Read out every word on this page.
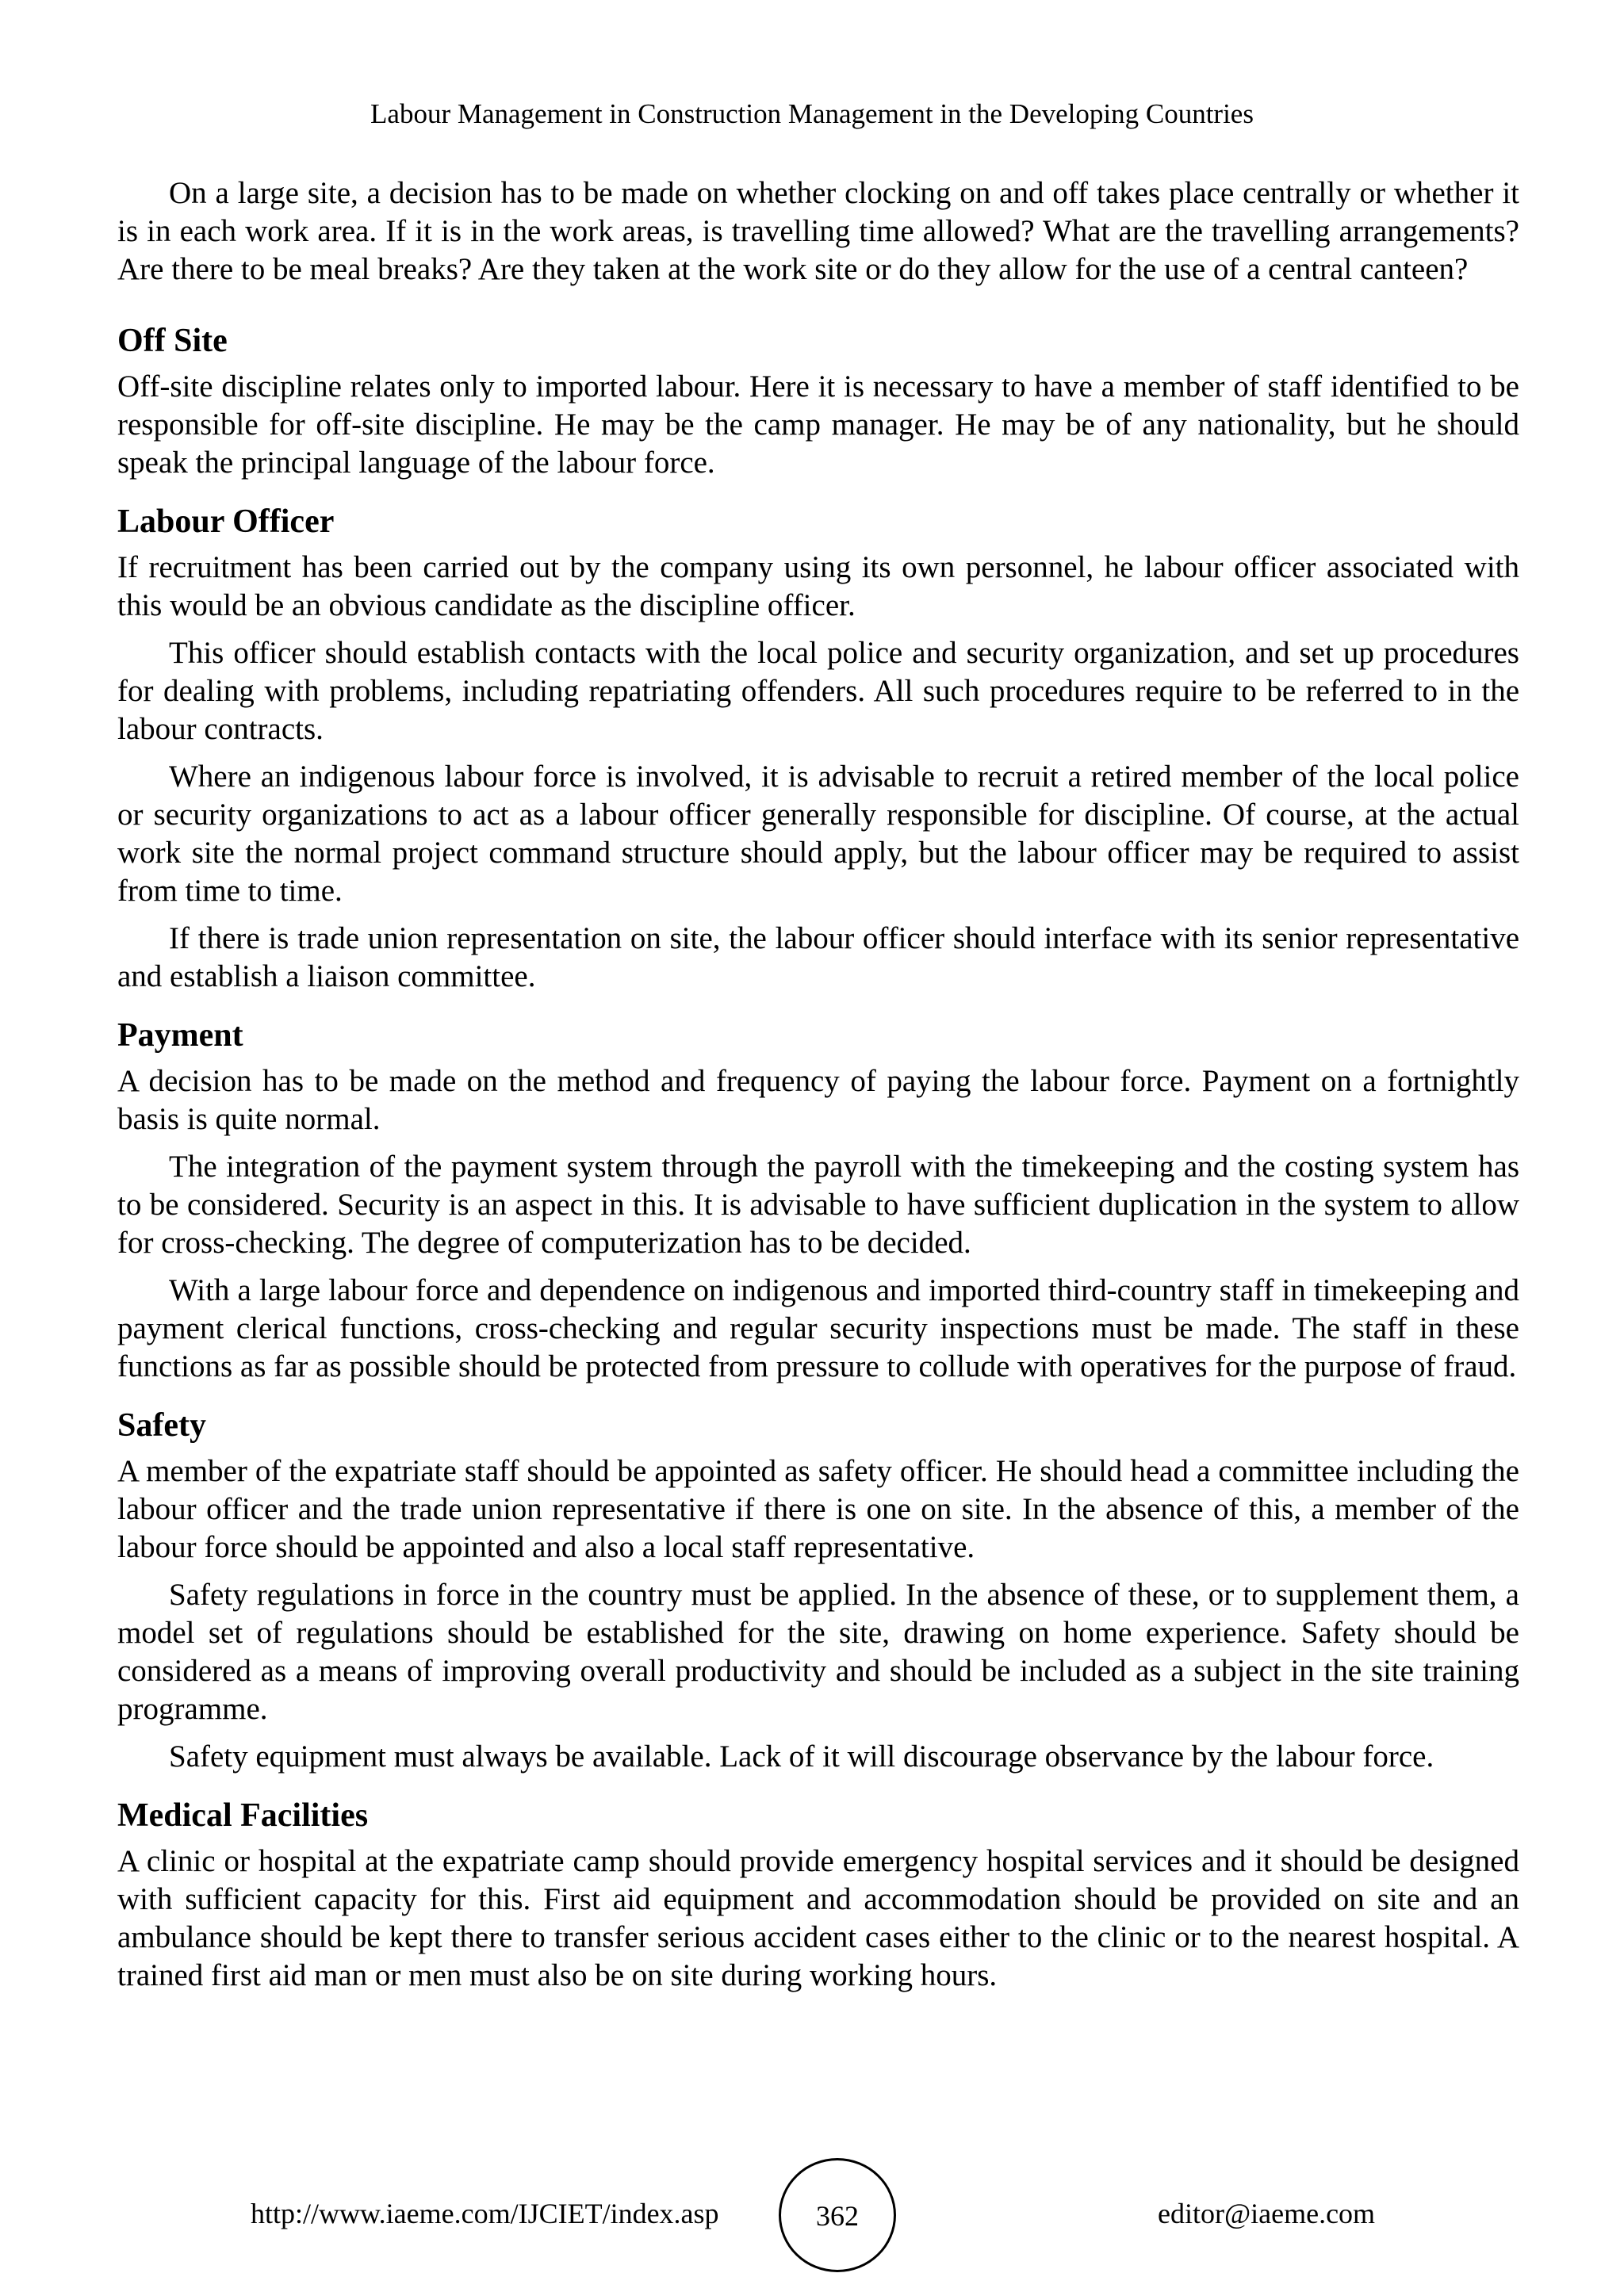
Labour Management in Construction Management in the Developing Countries

On a large site, a decision has to be made on whether clocking on and off takes place centrally or whether it is in each work area. If it is in the work areas, is travelling time allowed? What are the travelling arrangements? Are there to be meal breaks? Are they taken at the work site or do they allow for the use of a central canteen?

Off Site

Off-site discipline relates only to imported labour. Here it is necessary to have a member of staff identified to be responsible for off-site discipline. He may be the camp manager. He may be of any nationality, but he should speak the principal language of the labour force.

Labour Officer

If recruitment has been carried out by the company using its own personnel, he labour officer associated with this would be an obvious candidate as the discipline officer.

This officer should establish contacts with the local police and security organization, and set up procedures for dealing with problems, including repatriating offenders. All such procedures require to be referred to in the labour contracts.

Where an indigenous labour force is involved, it is advisable to recruit a retired member of the local police or security organizations to act as a labour officer generally responsible for discipline. Of course, at the actual work site the normal project command structure should apply, but the labour officer may be required to assist from time to time.

If there is trade union representation on site, the labour officer should interface with its senior representative and establish a liaison committee.

Payment

A decision has to be made on the method and frequency of paying the labour force. Payment on a fortnightly basis is quite normal.

The integration of the payment system through the payroll with the timekeeping and the costing system has to be considered. Security is an aspect in this. It is advisable to have sufficient duplication in the system to allow for cross-checking. The degree of computerization has to be decided.

With a large labour force and dependence on indigenous and imported third-country staff in timekeeping and payment clerical functions, cross-checking and regular security inspections must be made. The staff in these functions as far as possible should be protected from pressure to collude with operatives for the purpose of fraud.

Safety

A member of the expatriate staff should be appointed as safety officer. He should head a committee including the labour officer and the trade union representative if there is one on site. In the absence of this, a member of the labour force should be appointed and also a local staff representative.

Safety regulations in force in the country must be applied. In the absence of these, or to supplement them, a model set of regulations should be established for the site, drawing on home experience. Safety should be considered as a means of improving overall productivity and should be included as a subject in the site training programme.

Safety equipment must always be available. Lack of it will discourage observance by the labour force.

Medical Facilities

A clinic or hospital at the expatriate camp should provide emergency hospital services and it should be designed with sufficient capacity for this. First aid equipment and accommodation should be provided on site and an ambulance should be kept there to transfer serious accident cases either to the clinic or to the nearest hospital. A trained first aid man or men must also be on site during working hours.

http://www.iaeme.com/IJCIET/index.asp	362	editor@iaeme.com
